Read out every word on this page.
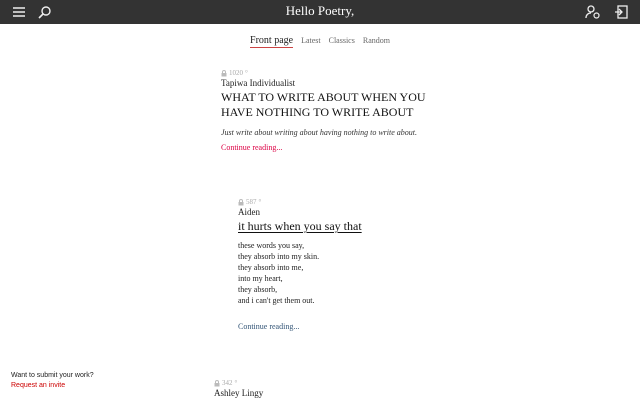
Hello Poetry,
Front page Latest Classics Random
1020 °
Tapiwa Individualist
WHAT TO WRITE ABOUT WHEN YOU HAVE NOTHING TO WRITE ABOUT
Just write about writing about having nothing to write about.
Continue reading...
587 °
Aiden
it hurts when you say that
these words you say,
they absorb into my skin.
they absorb into me,
into my heart,
they absorb,
and i can't get them out.
Continue reading...
342 °
Ashley Lingy
Want to submit your work?
Request an invite
